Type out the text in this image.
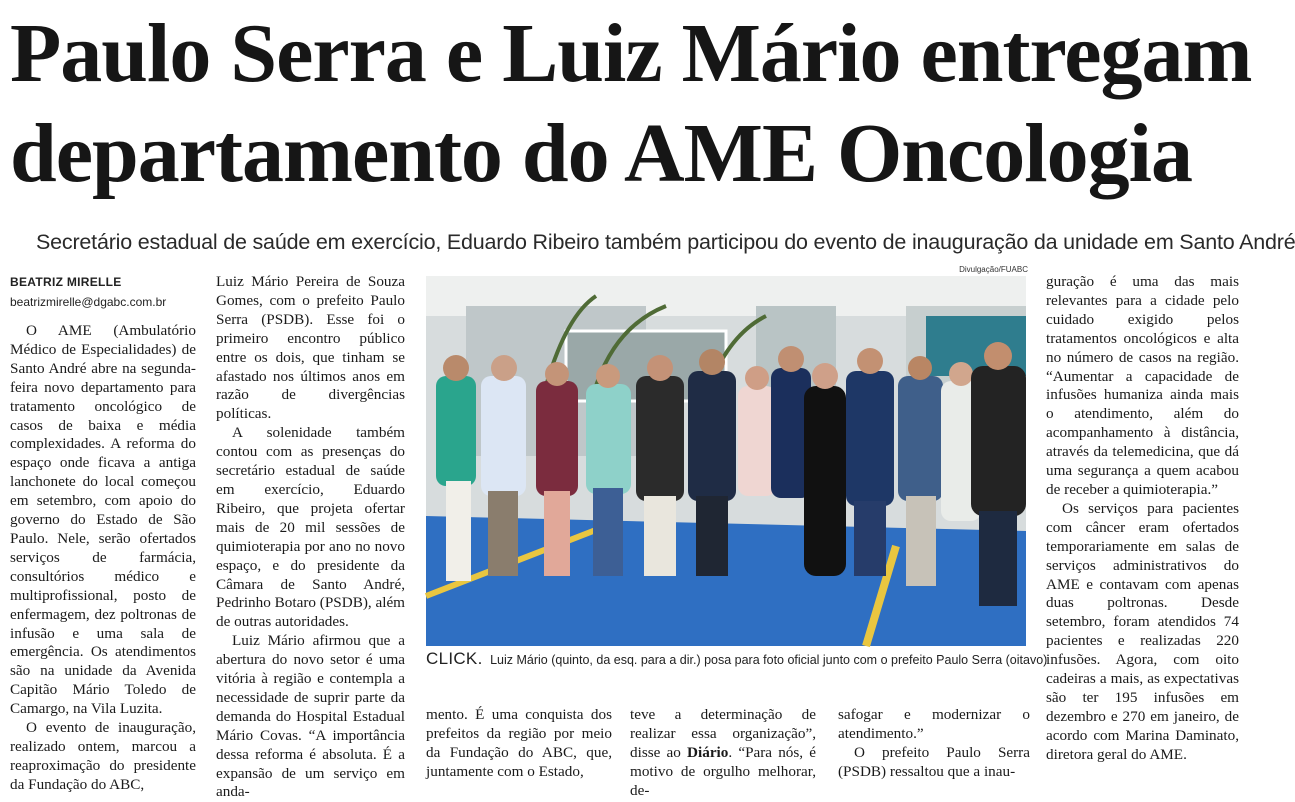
Paulo Serra e Luiz Mário entregam
departamento do AME Oncologia

Secretário estadual de saúde em exercício, Eduardo Ribeiro também participou do evento de inauguração da unidade em Santo André

BEATRIZ MIRELLE
beatrizmirelle@dgabc.com.br

O AME (Ambulatório Médico de Especialidades) de Santo André abre na segunda-feira novo departamento para tratamento oncológico de casos de baixa e média complexidades. A reforma do espaço onde ficava a antiga lanchonete do local começou em setembro, com apoio do governo do Estado de São Paulo. Nele, serão ofertados serviços de farmácia, consultórios médico e multiprofissional, posto de enfermagem, dez poltronas de infusão e uma sala de emergência. Os atendimentos são na unidade da Avenida Capitão Mário Toledo de Camargo, na Vila Luzita.

O evento de inauguração, realizado ontem, marcou a reaproximação do presidente da Fundação do ABC,

Luiz Mário Pereira de Souza Gomes, com o prefeito Paulo Serra (PSDB). Esse foi o primeiro encontro público entre os dois, que tinham se afastado nos últimos anos em razão de divergências políticas.

A solenidade também contou com as presenças do secretário estadual de saúde em exercício, Eduardo Ribeiro, que projeta ofertar mais de 20 mil sessões de quimioterapia por ano no novo espaço, e do presidente da Câmara de Santo André, Pedrinho Botaro (PSDB), além de outras autoridades.

Luiz Mário afirmou que a abertura do novo setor é uma vitória à região e contempla a necessidade de suprir parte da demanda do Hospital Estadual Mário Covas. “A importância dessa reforma é absoluta. É a expansão de um serviço em anda-

Divulgação/FUABC
CLICK. Luiz Mário (quinto, da esq. para a dir.) posa para foto oficial junto com o prefeito Paulo Serra (oitavo)

mento. É uma conquista dos prefeitos da região por meio da Fundação do ABC, que, juntamente com o Estado,

teve a determinação de realizar essa organização”, disse ao Diário. “Para nós, é motivo de orgulho melhorar, de-

safogar e modernizar o atendimento.”

O prefeito Paulo Serra (PSDB) ressaltou que a inau-

guração é uma das mais relevantes para a cidade pelo cuidado exigido pelos tratamentos oncológicos e alta no número de casos na região. “Aumentar a capacidade de infusões humaniza ainda mais o atendimento, além do acompanhamento à distância, através da telemedicina, que dá uma segurança a quem acabou de receber a quimioterapia.”

Os serviços para pacientes com câncer eram ofertados temporariamente em salas de serviços administrativos do AME e contavam com apenas duas poltronas. Desde setembro, foram atendidos 74 pacientes e realizadas 220 infusões. Agora, com oito cadeiras a mais, as expectativas são ter 195 infusões em dezembro e 270 em janeiro, de acordo com Marina Daminato, diretora geral do AME.
